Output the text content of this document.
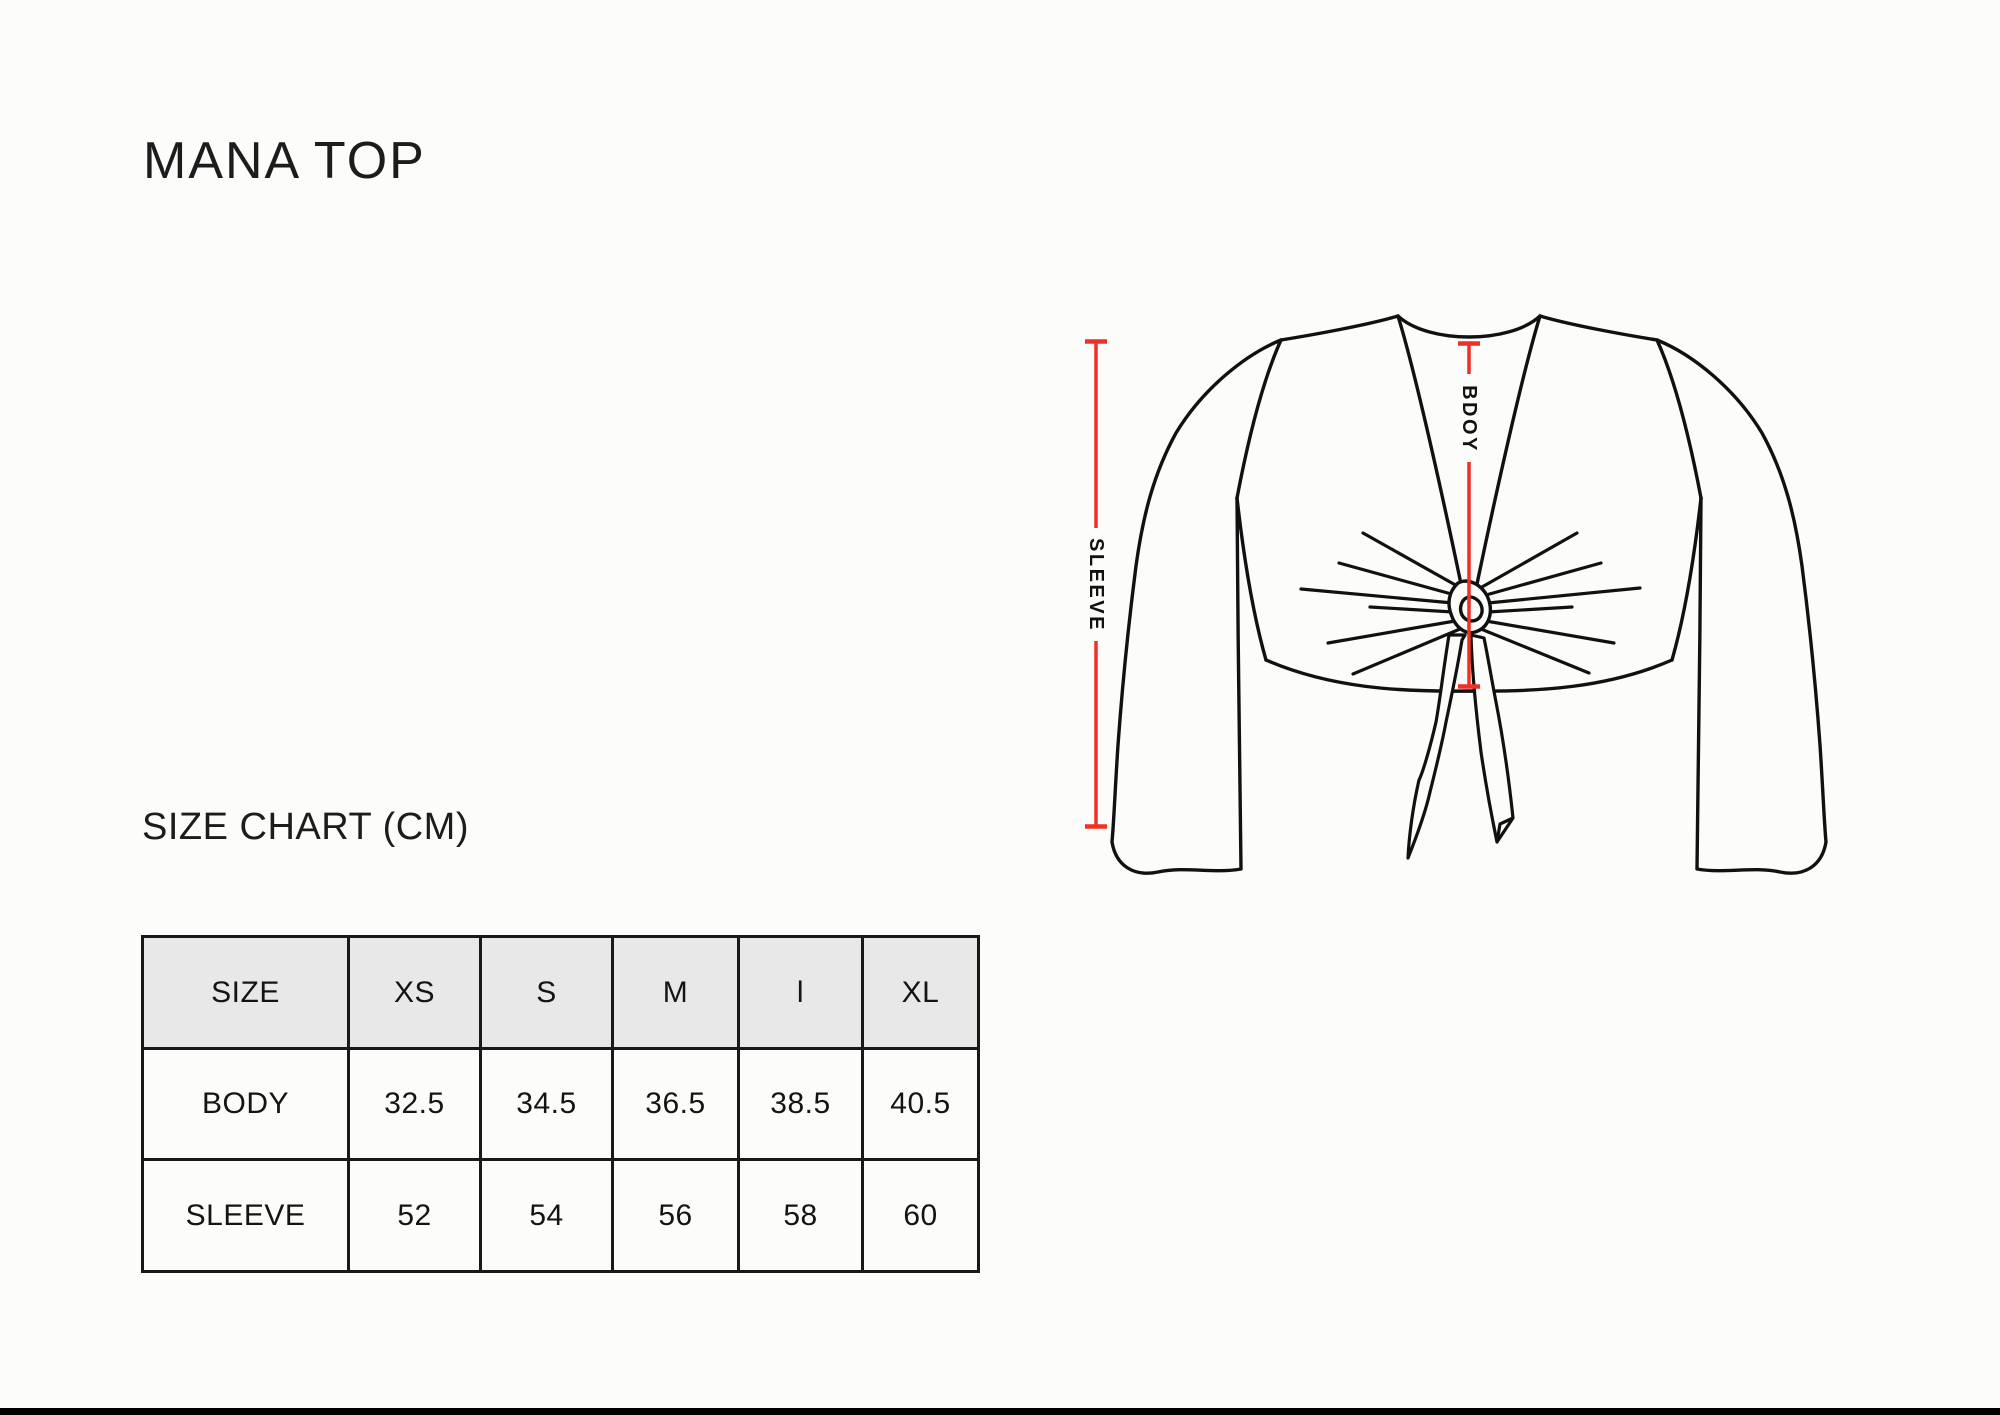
MANA TOP
SLEEVE
BDOY
SIZE CHART (CM)
SIZE	XS	S	M	l	XL
BODY	32.5	34.5	36.5	38.5	40.5
SLEEVE	52	54	56	58	60
